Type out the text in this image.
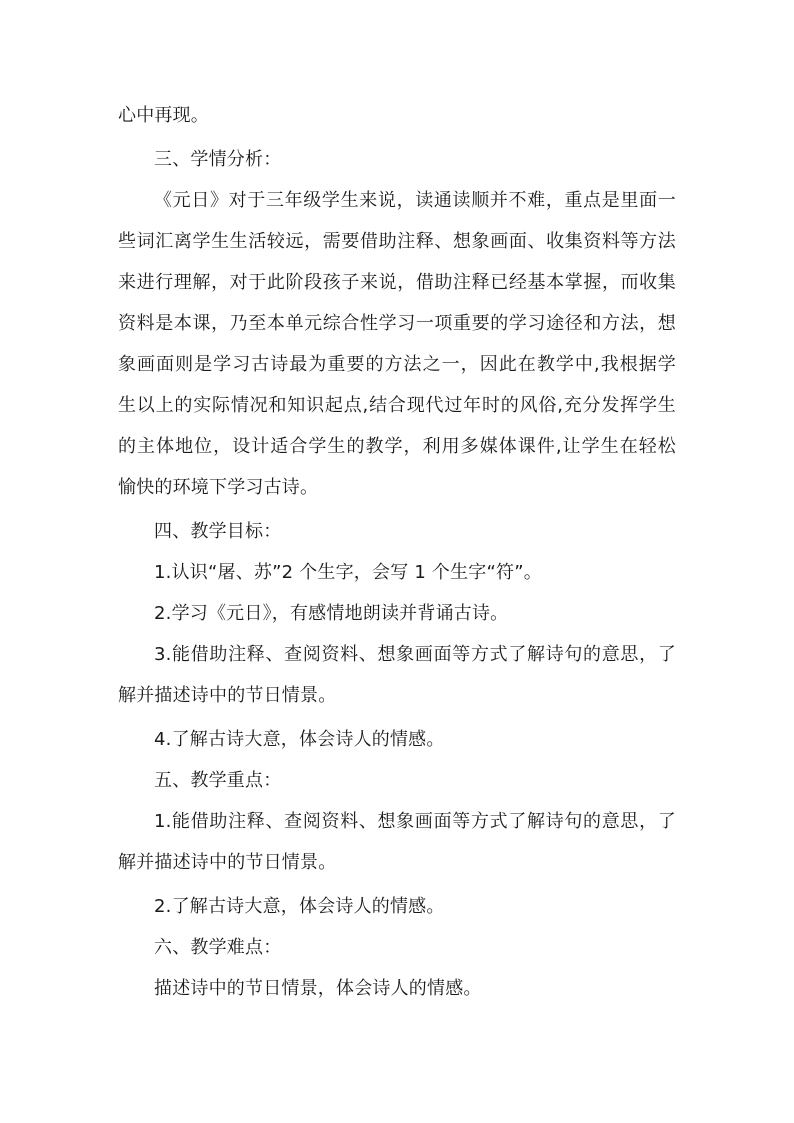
心中再现。
三、学情分析：
《元日》对于三年级学生来说，读通读顺并不难，重点是里面一
些词汇离学生生活较远，需要借助注释、想象画面、收集资料等方法
来进行理解，对于此阶段孩子来说，借助注释已经基本掌握，而收集
资料是本课，乃至本单元综合性学习一项重要的学习途径和方法，想
象画面则是学习古诗最为重要的方法之一，因此在教学中,我根据学
生以上的实际情况和知识起点,结合现代过年时的风俗,充分发挥学生
的主体地位，设计适合学生的教学，利用多媒体课件,让学生在轻松
愉快的环境下学习古诗。
四、教学目标：
1.认识“屠、苏”2 个生字，会写 1 个生字“符”。
2.学习《元日》，有感情地朗读并背诵古诗。
3.能借助注释、查阅资料、想象画面等方式了解诗句的意思，了
解并描述诗中的节日情景。
4.了解古诗大意，体会诗人的情感。
五、教学重点：
1.能借助注释、查阅资料、想象画面等方式了解诗句的意思，了
解并描述诗中的节日情景。
2.了解古诗大意，体会诗人的情感。
六、教学难点：
描述诗中的节日情景，体会诗人的情感。
